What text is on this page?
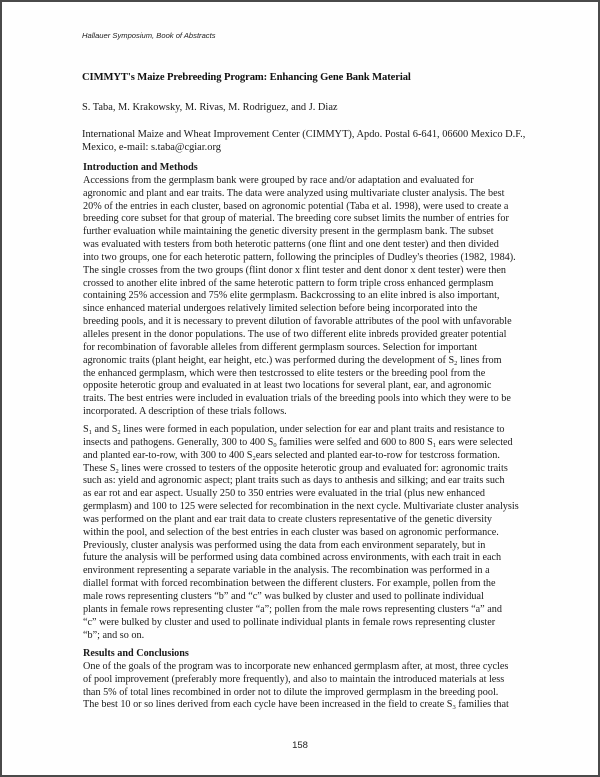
Hallauer Symposium, Book of Abstracts
CIMMYT's Maize Prebreeding Program: Enhancing Gene Bank Material
S. Taba, M. Krakowsky, M. Rivas, M. Rodriguez, and J. Diaz
International Maize and Wheat Improvement Center (CIMMYT), Apdo. Postal 6-641, 06600 Mexico D.F.,
Mexico, e-mail: s.taba@cgiar.org
Introduction and Methods
Accessions from the germplasm bank were grouped by race and/or adaptation and evaluated for
agronomic and plant and ear traits. The data were analyzed using multivariate cluster analysis. The best
20% of the entries in each cluster, based on agronomic potential (Taba et al. 1998), were used to create a
breeding core subset for that group of material. The breeding core subset limits the number of entries for
further evaluation while maintaining the genetic diversity present in the germplasm bank. The subset
was evaluated with testers from both heterotic patterns (one flint and one dent tester) and then divided
into two groups, one for each heterotic pattern, following the principles of Dudley's theories (1982, 1984).
The single crosses from the two groups (flint donor x flint tester and dent donor x dent tester) were then
crossed to another elite inbred of the same heterotic pattern to form triple cross enhanced germplasm
containing 25% accession and 75% elite germplasm. Backcrossing to an elite inbred is also important,
since enhanced material undergoes relatively limited selection before being incorporated into the
breeding pools, and it is necessary to prevent dilution of favorable attributes of the pool with unfavorable
alleles present in the donor populations. The use of two different elite inbreds provided greater potential
for recombination of favorable alleles from different germplasm sources. Selection for important
agronomic traits (plant height, ear height, etc.) was performed during the development of $S_2$ lines from
the enhanced germplasm, which were then testcrossed to elite testers or the breeding pool from the
opposite heterotic group and evaluated in at least two locations for several plant, ear, and agronomic
traits. The best entries were included in evaluation trials of the breeding pools into which they were to be
incorporated. A description of these trials follows.
$S_1$ and $S_2$ lines were formed in each population, under selection for ear and plant traits and resistance to
insects and pathogens. Generally, 300 to 400 $S_0$ families were selfed and 600 to 800 $S_1$ ears were selected
and planted ear-to-row, with 300 to 400 $S_2ears$ selected and planted ear-to-row for testcross formation.
These $S_2$ lines were crossed to testers of the opposite heterotic group and evaluated for: agronomic traits
such as: yield and agronomic aspect; plant traits such as days to anthesis and silking; and ear traits such
as ear rot and ear aspect. Usually 250 to 350 entries were evaluated in the trial (plus new enhanced
germplasm) and 100 to 125 were selected for recombination in the next cycle. Multivariate cluster analysis
was performed on the plant and ear trait data to create clusters representative of the genetic diversity
within the pool, and selection of the best entries in each cluster was based on agronomic performance.
Previously, cluster analysis was performed using the data from each environment separately, but in
future the analysis will be performed using data combined across environments, with each trait in each
environment representing a separate variable in the analysis. The recombination was performed in a
diallel format with forced recombination between the different clusters. For example, pollen from the
male rows representing clusters “b” and “c” was bulked by cluster and used to pollinate individual
plants in female rows representing cluster “a”; pollen from the male rows representing clusters “a” and
“c” were bulked by cluster and used to pollinate individual plants in female rows representing cluster
“b”; and so on.
Results and Conclusions
One of the goals of the program was to incorporate new enhanced germplasm after, at most, three cycles
of pool improvement (preferably more frequently), and also to maintain the introduced materials at less
than 5% of total lines recombined in order not to dilute the improved germplasm in the breeding pool.
The best 10 or so lines derived from each cycle have been increased in the field to create $S_3$ families that
158
